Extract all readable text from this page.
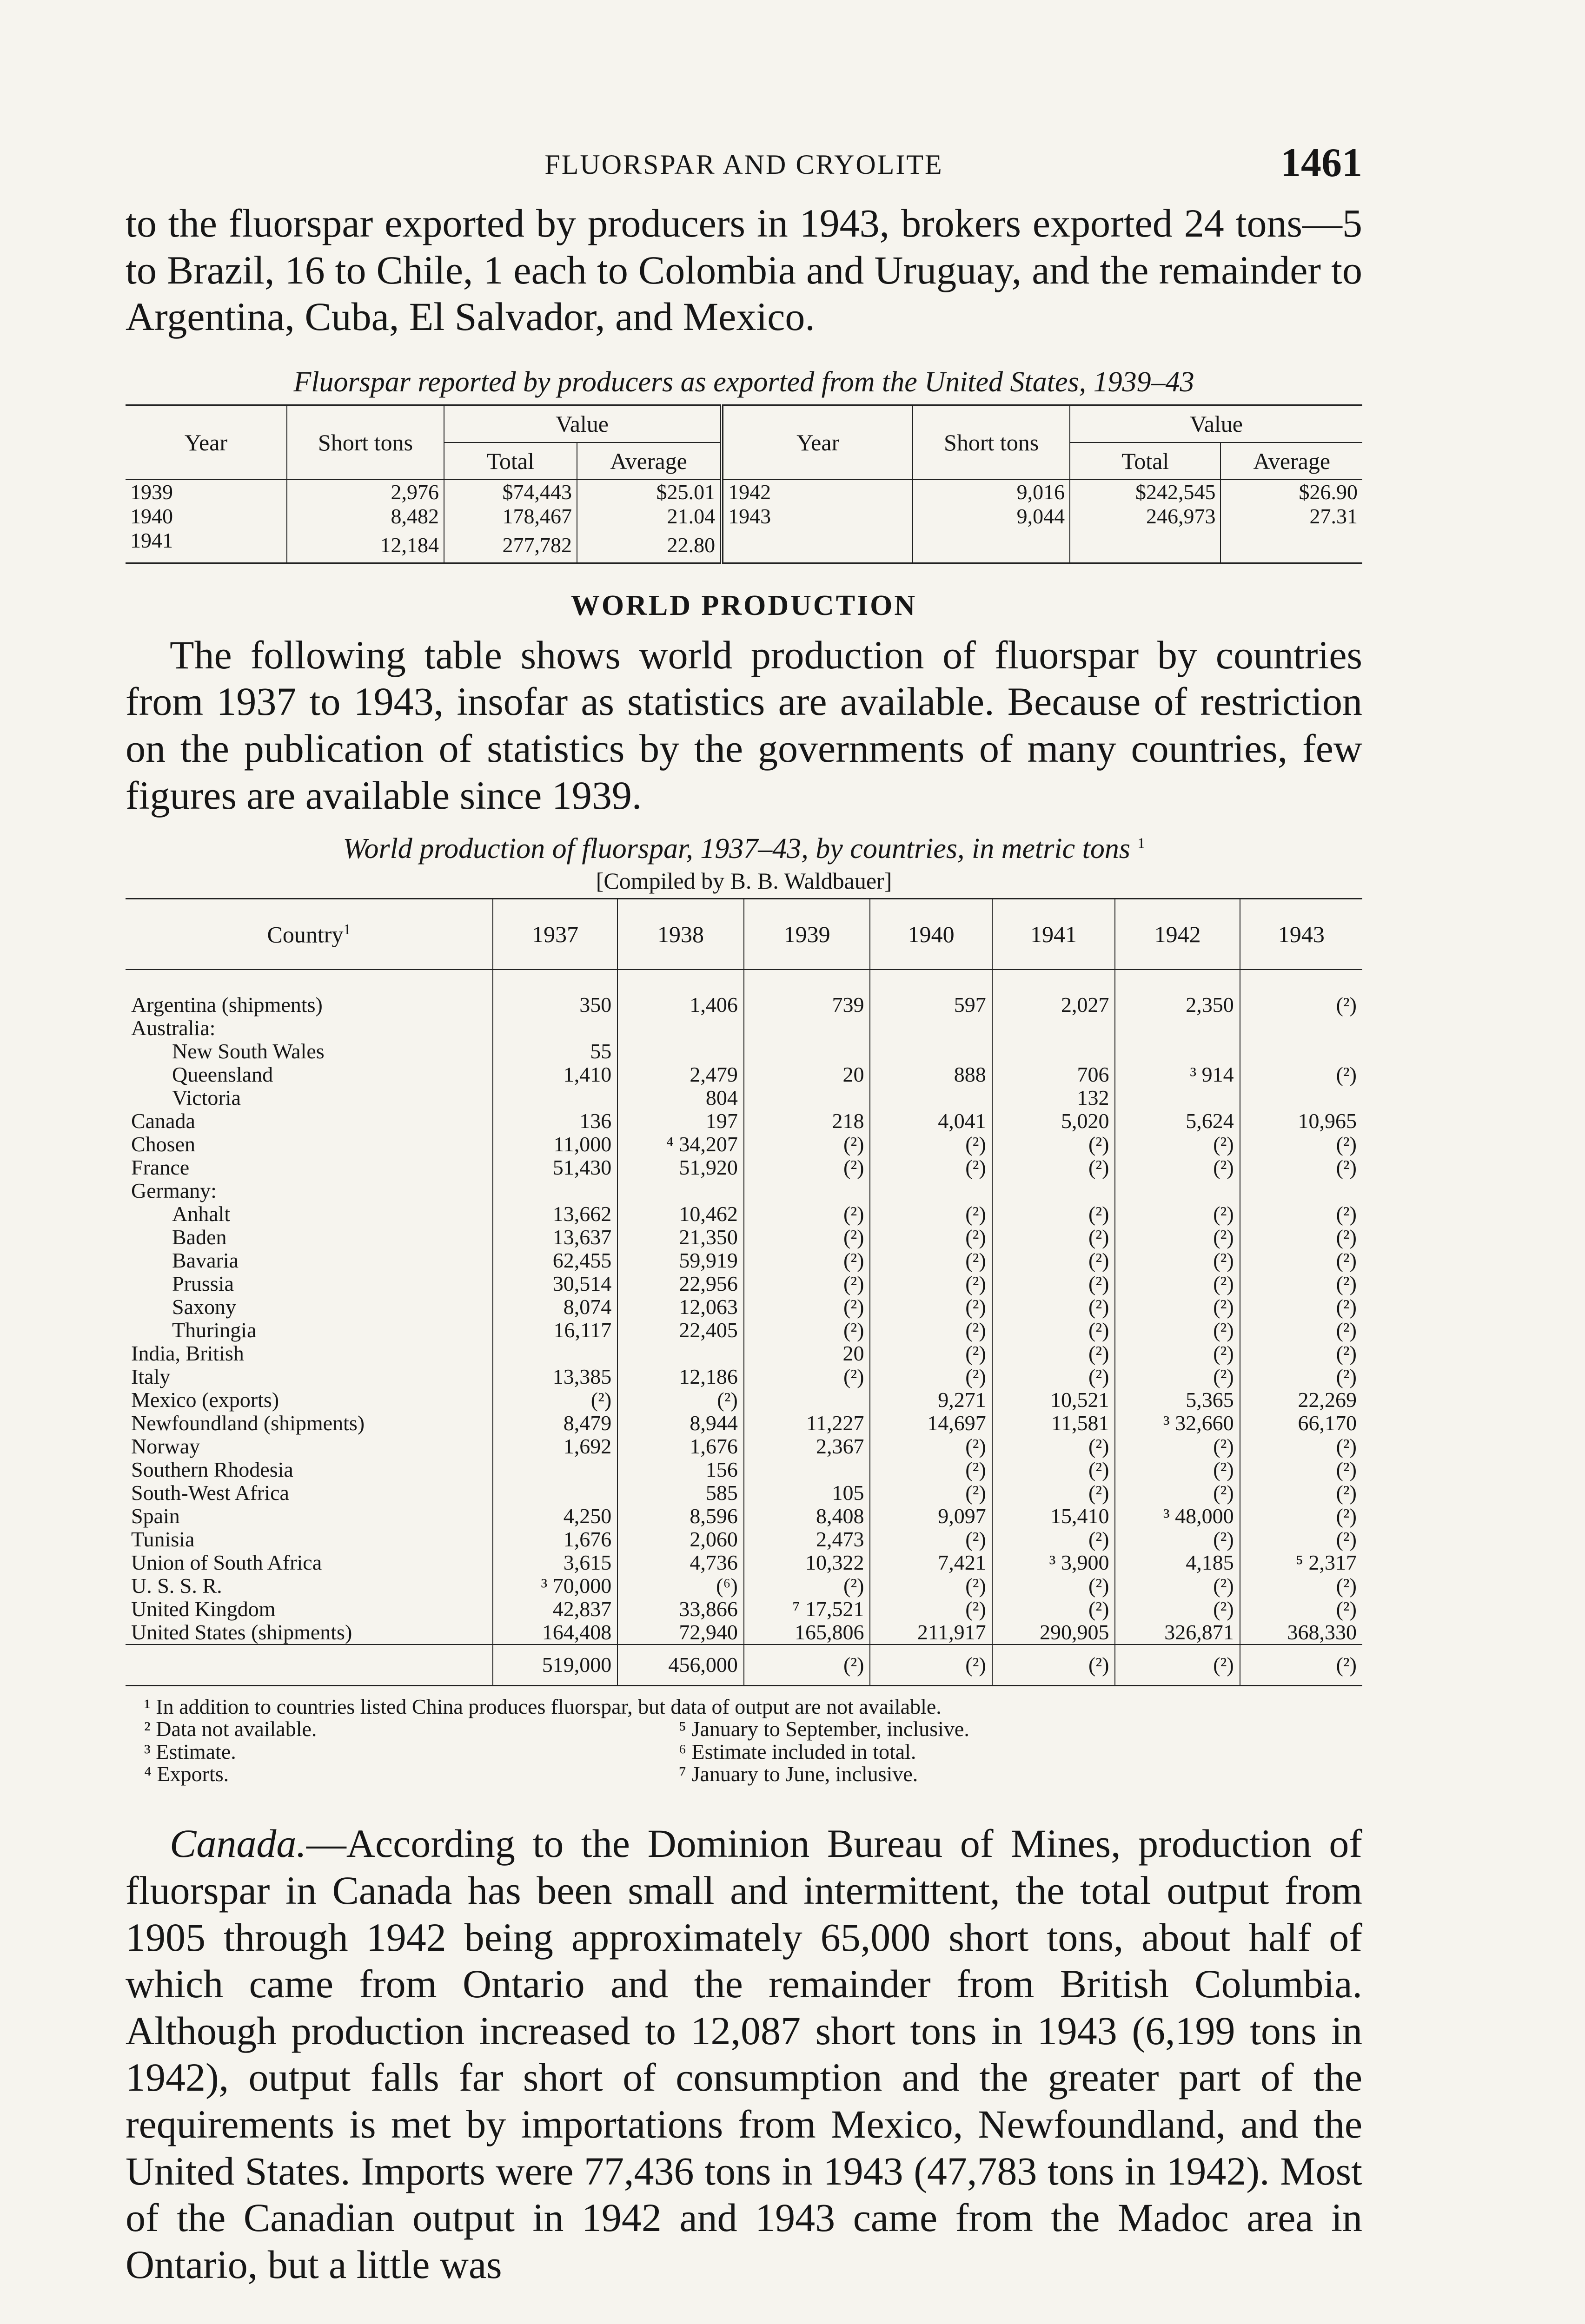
FLUORSPAR AND CRYOLITE	1461

to the fluorspar exported by producers in 1943, brokers exported 24 tons—5 to Brazil, 16 to Chile, 1 each to Colombia and Uruguay, and the remainder to Argentina, Cuba, El Salvador, and Mexico.

Fluorspar reported by producers as exported from the United States, 1939–43
Year	Short tons	Value		Year	Short tons	Value	
		Total	Average			Total	Average
1939	2,976	$74,443	$25.01	1942	9,016	$242,545	$26.90
1940	8,482	178,467	21.04	1943	9,044	246,973	27.31
1941	12,184	277,782	22.80				
WORLD PRODUCTION

The following table shows world production of fluorspar by countries from 1937 to 1943, insofar as statistics are available. Because of restriction on the publication of statistics by the governments of many countries, few figures are available since 1939.

World production of fluorspar, 1937–43, by countries, in metric tons $^1$
[Compiled by B. B. Waldbauer]
Country$^1$	1937	1938	1939	1940	1941	1942	1943

Argentina (shipments)	350	1,406	739	597	2,027	2,350	(²)
Australia:							
New South Wales	55						
Queensland	1,410	2,479	20	888	706	³ 914	(²)
Victoria		804			132		
Canada	136	197	218	4,041	5,020	5,624	10,965
Chosen	11,000	⁴ 34,207	(²)	(²)	(²)	(²)	(²)
France	51,430	51,920	(²)	(²)	(²)	(²)	(²)
Germany:							
Anhalt	13,662	10,462	(²)	(²)	(²)	(²)	(²)
Baden	13,637	21,350	(²)	(²)	(²)	(²)	(²)
Bavaria	62,455	59,919	(²)	(²)	(²)	(²)	(²)
Prussia	30,514	22,956	(²)	(²)	(²)	(²)	(²)
Saxony	8,074	12,063	(²)	(²)	(²)	(²)	(²)
Thuringia	16,117	22,405	(²)	(²)	(²)	(²)	(²)
India, British			20	(²)	(²)	(²)	(²)
Italy	13,385	12,186	(²)	(²)	(²)	(²)	(²)
Mexico (exports)	(²)	(²)		9,271	10,521	5,365	22,269
Newfoundland (shipments)	8,479	8,944	11,227	14,697	11,581	³ 32,660	66,170
Norway	1,692	1,676	2,367	(²)	(²)	(²)	(²)
Southern Rhodesia		156		(²)	(²)	(²)	(²)
South-West Africa		585	105	(²)	(²)	(²)	(²)
Spain	4,250	8,596	8,408	9,097	15,410	³ 48,000	(²)
Tunisia	1,676	2,060	2,473	(²)	(²)	(²)	(²)
Union of South Africa	3,615	4,736	10,322	7,421	³ 3,900	4,185	⁵ 2,317
U. S. S. R.	³ 70,000	(⁶)	(²)	(²)	(²)	(²)	(²)
United Kingdom	42,837	33,866	⁷ 17,521	(²)	(²)	(²)	(²)
United States (shipments)	164,408	72,940	165,806	211,917	290,905	326,871	368,330
	519,000	456,000	(²)	(²)	(²)	(²)	(²)
¹ In addition to countries listed China produces fluorspar, but data of output are not available.
² Data not available.	⁵ January to September, inclusive.
³ Estimate.	⁶ Estimate included in total.
⁴ Exports.	⁷ January to June, inclusive.

Canada.—According to the Dominion Bureau of Mines, production of fluorspar in Canada has been small and intermittent, the total output from 1905 through 1942 being approximately 65,000 short tons, about half of which came from Ontario and the remainder from British Columbia. Although production increased to 12,087 short tons in 1943 (6,199 tons in 1942), output falls far short of consumption and the greater part of the requirements is met by importations from Mexico, Newfoundland, and the United States. Imports were 77,436 tons in 1943 (47,783 tons in 1942). Most of the Canadian output in 1942 and 1943 came from the Madoc area in Ontario, but a little was
